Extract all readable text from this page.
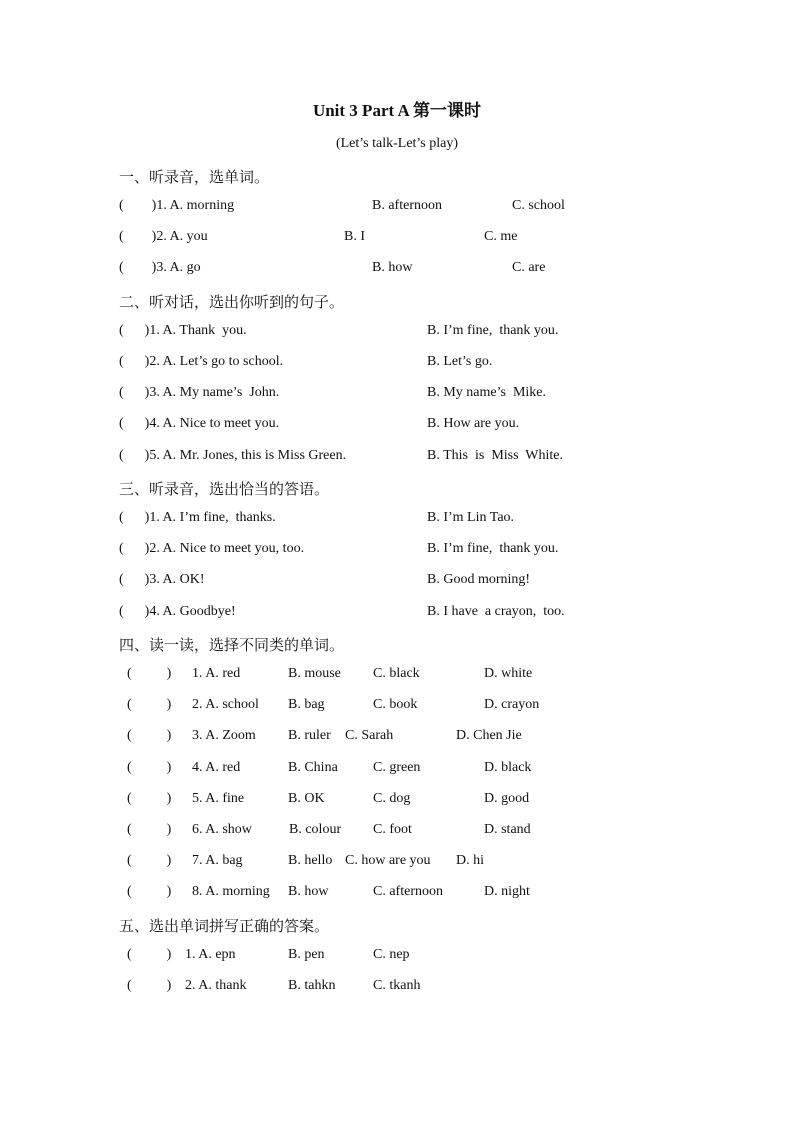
Unit 3 Part A 第一课时
(Let’s talk-Let’s play)
一、听录音，选单词。
(        )1. A. morning	B. afternoon	C. school
(        )2. A. you	B. I	C. me
(        )3. A. go	B. how	C. are
二、听对话，选出你听到的句子。
(      )1. A. Thank  you.	B. I’m fine,  thank you.
(      )2. A. Let’s go to school.	B. Let’s go.
(      )3. A. My name’s  John.	B. My name’s  Mike.
(      )4. A. Nice to meet you.	B. How are you.
(      )5. A. Mr. Jones, this is Miss Green.	B. This  is  Miss  White.
三、听录音，选出恰当的答语。
(      )1. A. I’m fine,  thanks.	B. I’m Lin Tao.
(      )2. A. Nice to meet you, too.	B. I’m fine,  thank you.
(      )3. A. OK!	B. Good morning!
(      )4. A. Goodbye!	B. I have  a crayon,  too.
四、读一读，选择不同类的单词。
(          ) 1. A. red	B. mouse C. black	D. white
(          ) 2. A. school B. bag	C. book	D. crayon
(          ) 3. A. Zoom B. ruler C. Sarah	D. Chen Jie
(          ) 4. A. red	B. China	C. green	D. black
(          ) 5. A. fine	B. OK	C. dog	D. good
(          ) 6. A. show	B. colour C. foot	D. stand
(          ) 7. A. bag	B. hello C. how are you D. hi
(          ) 8. A. morning B. how	C. afternoon	D. night
五、选出单词拼写正确的答案。
(          ) 1. A. epn	B. pen	C. nep
(          ) 2. A. thank	B. tahkn	C. tkanh
